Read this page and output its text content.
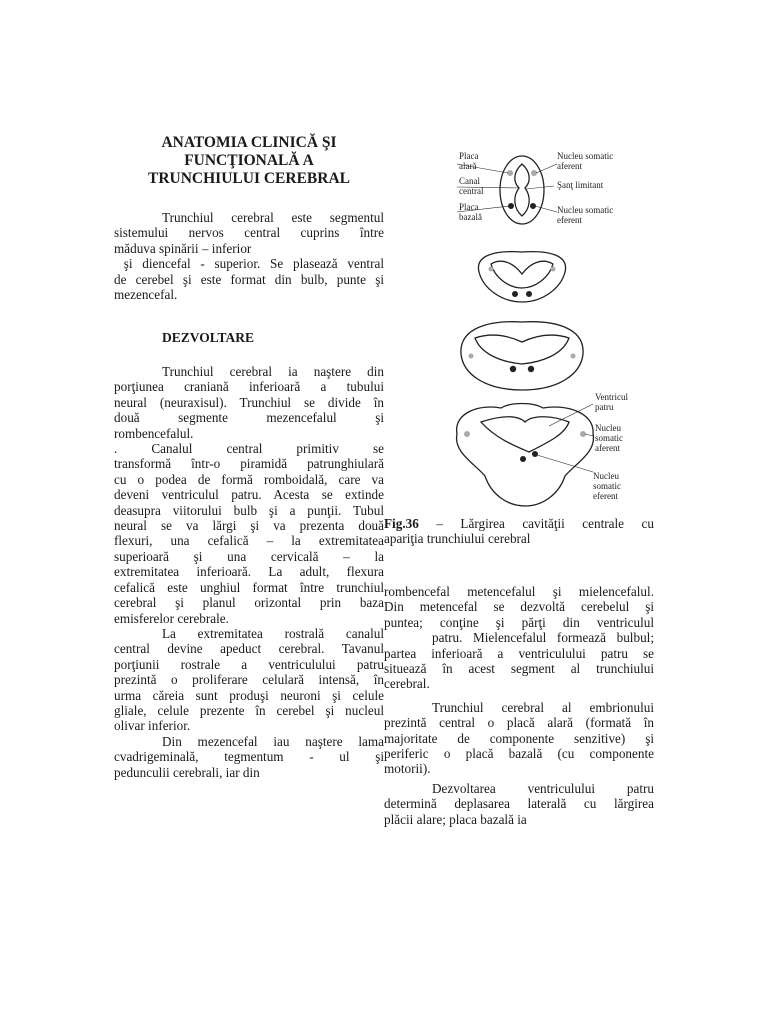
ANATOMIA CLINICĂ ŞI
FUNCŢIONALĂ A
TRUNCHIULUI CEREBRAL

Trunchiul cerebral este segmentul

sistemului nervos central cuprins între

măduva spinării – inferior

şi diencefal - superior. Se plasează ventral

de cerebel şi este format din bulb, punte şi

mezencefal.

DEZVOLTARE

Trunchiul cerebral ia naştere din

porţiunea craniană inferioară a tubului

neural (neuraxisul). Trunchiul se divide în

două segmente mezencefalul şi

rombencefalul.

. Canalul central primitiv se

transformă într-o piramidă patrunghiulară

cu o podea de formă romboidală, care va

deveni ventriculul patru. Acesta se extinde

deasupra viitorului bulb şi a punţii. Tubul

neural se va lărgi şi va prezenta două

flexuri, una cefalică – la extremitatea

superioară şi una cervicală – la

extremitatea inferioară. La adult, flexura

cefalică este unghiul format între trunchiul

cerebral şi planul orizontal prin baza

emisferelor cerebrale.

La extremitatea rostrală canalul

central devine apeduct cerebral. Tavanul

porţiunii rostrale a ventriculului patru

prezintă o proliferare celulară intensă, în

urma căreia sunt produşi neuroni şi celule

gliale, celule prezente în cerebel şi nucleul

olivar inferior.

Din mezencefal iau naştere lama

cvadrigeminală, tegmentum - ul şi

pedunculii cerebrali, iar din

Placa
alară
Canal
central
Placa
bazală
Nucleu somatic
aferent
Şanţ limitant
Nucleu somatic
eferent
Ventricul
patru
Nucleu
somatic
aferent
Nucleu
somatic
eferent

Fig.36 – Lărgirea cavităţii centrale cu

apariţia trunchiului cerebral

rombencefal metencefalul şi mielencefalul.

Din metencefal se dezvoltă cerebelul şi

puntea; conţine şi părţi din ventriculul

patru. Mielencefalul formează bulbul;

partea inferioară a ventriculului patru se

situează în acest segment al trunchiului

cerebral.

Trunchiul cerebral al embrionului

prezintă central o placă alară (formată în

majoritate de componente senzitive) şi

periferic o placă bazală (cu componente

motorii).

Dezvoltarea ventriculului patru

determină deplasarea laterală cu lărgirea

plăcii alare; placa bazală ia
